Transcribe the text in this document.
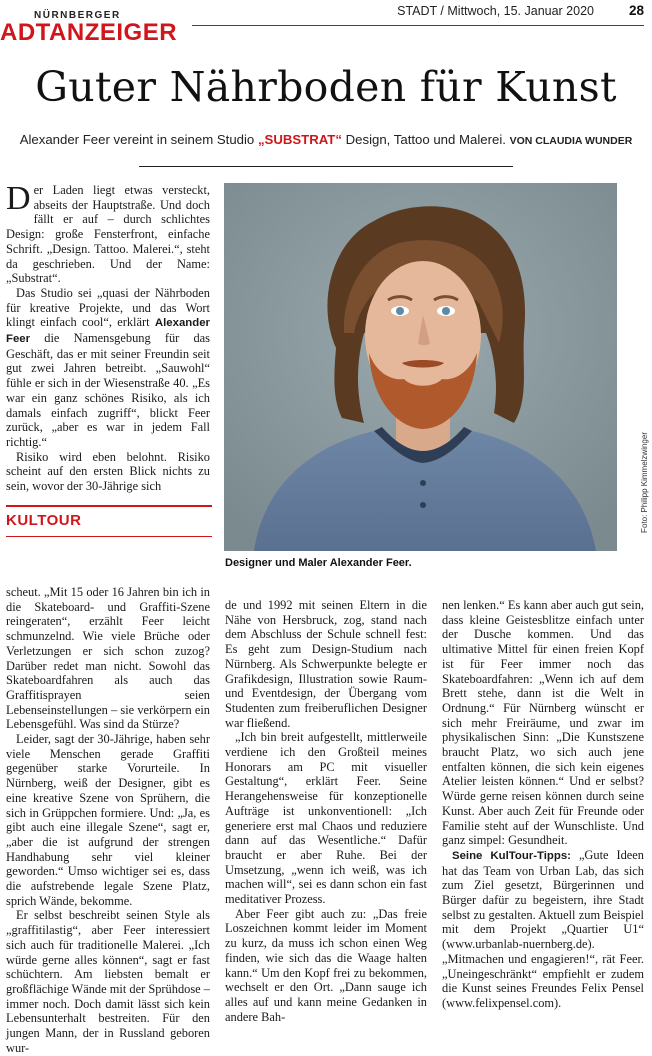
NÜRNBERGER
ADTANZEIGER
STADT / Mittwoch, 15. Januar 2020	28
Guter Nährboden für Kunst
Alexander Feer vereint in seinem Studio „SUBSTRAT“ Design, Tattoo und Malerei. VON CLAUDIA WUNDER

Der Laden liegt etwas versteckt, abseits der Hauptstraße. Und doch fällt er auf – durch schlichtes Design: große Fensterfront, einfache Schrift. „Design. Tattoo. Malerei.“, steht da geschrieben. Und der Name: „Substrat“.

Das Studio sei „quasi der Nährboden für kreative Projekte, und das Wort klingt einfach cool“, erklärt Alexander Feer die Namensgebung für das Geschäft, das er mit seiner Freundin seit gut zwei Jahren betreibt. „Sauwohl“ fühle er sich in der Wiesenstraße 40. „Es war ein ganz schönes Risiko, als ich damals einfach zugriff“, blickt Feer zurück, „aber es war in jedem Fall richtig.“

Risiko wird eben belohnt. Risiko scheint auf den ersten Blick nichts zu sein, wovor der 30-Jährige sich

KULTOUR	Foto: Philipp Kimmelzwinger
Designer und Maler Alexander Feer.

scheut. „Mit 15 oder 16 Jahren bin ich in die Skateboard- und Graffiti-Szene reingeraten“, erzählt Feer leicht schmunzelnd. Wie viele Brüche oder Verletzungen er sich schon zuzog? Darüber redet man nicht. Sowohl das Skateboardfahren als auch das Graffitisprayen seien Lebenseinstellungen – sie verkörpern ein Lebensgefühl. Was sind da Stürze?

Leider, sagt der 30-Jährige, haben sehr viele Menschen gerade Graffiti gegenüber starke Vorurteile. In Nürnberg, weiß der Designer, gibt es eine kreative Szene von Sprühern, die sich in Grüppchen formiere. Und: „Ja, es gibt auch eine illegale Szene“, sagt er, „aber die ist aufgrund der strengen Handhabung sehr viel kleiner geworden.“ Umso wichtiger sei es, dass die aufstrebende legale Szene Platz, sprich Wände, bekomme.

Er selbst beschreibt seinen Style als „graffitilastig“, aber Feer interessiert sich auch für traditionelle Malerei. „Ich würde gerne alles können“, sagt er fast schüchtern. Am liebsten bemalt er großflächige Wände mit der Sprühdose – immer noch. Doch damit lässt sich kein Lebensunterhalt bestreiten. Für den jungen Mann, der in Russland geboren wur-

de und 1992 mit seinen Eltern in die Nähe von Hersbruck, zog, stand nach dem Abschluss der Schule schnell fest: Es geht zum Design-Studium nach Nürnberg. Als Schwerpunkte belegte er Grafikdesign, Illustration sowie Raum- und Eventdesign, der Übergang vom Studenten zum freiberuflichen Designer war fließend.

„Ich bin breit aufgestellt, mittlerweile verdiene ich den Großteil meines Honorars am PC mit visueller Gestaltung“, erklärt Feer. Seine Herangehensweise für konzeptionelle Aufträge ist unkonventionell: „Ich generiere erst mal Chaos und reduziere dann auf das Wesentliche.“ Dafür braucht er aber Ruhe. Bei der Umsetzung, „wenn ich weiß, was ich machen will“, sei es dann schon ein fast meditativer Prozess.

Aber Feer gibt auch zu: „Das freie Loszeichnen kommt leider im Moment zu kurz, da muss ich schon einen Weg finden, wie sich das die Waage halten kann.“ Um den Kopf frei zu bekommen, wechselt er den Ort. „Dann sauge ich alles auf und kann meine Gedanken in andere Bah-

nen lenken.“ Es kann aber auch gut sein, dass kleine Geistesblitze einfach unter der Dusche kommen. Und das ultimative Mittel für einen freien Kopf ist für Feer immer noch das Skateboardfahren: „Wenn ich auf dem Brett stehe, dann ist die Welt in Ordnung.“ Für Nürnberg wünscht er sich mehr Freiräume, und zwar im physikalischen Sinn: „Die Kunstszene braucht Platz, wo sich auch jene entfalten können, die sich kein eigenes Atelier leisten können.“ Und er selbst? Würde gerne reisen können durch seine Kunst. Aber auch Zeit für Freunde oder Familie steht auf der Wunschliste. Und ganz simpel: Gesundheit.

Seine KulTour-Tipps: „Gute Ideen hat das Team von Urban Lab, das sich zum Ziel gesetzt, Bürgerinnen und Bürger dafür zu begeistern, ihre Stadt selbst zu gestalten. Aktuell zum Beispiel mit dem Projekt „Quartier U1“ (www.urbanlab-nuernberg.de). „Mitmachen und engagieren!“, rät Feer. „Uneingeschränkt“ empfiehlt er zudem die Kunst seines Freundes Felix Pensel (www.felixpensel.com).
